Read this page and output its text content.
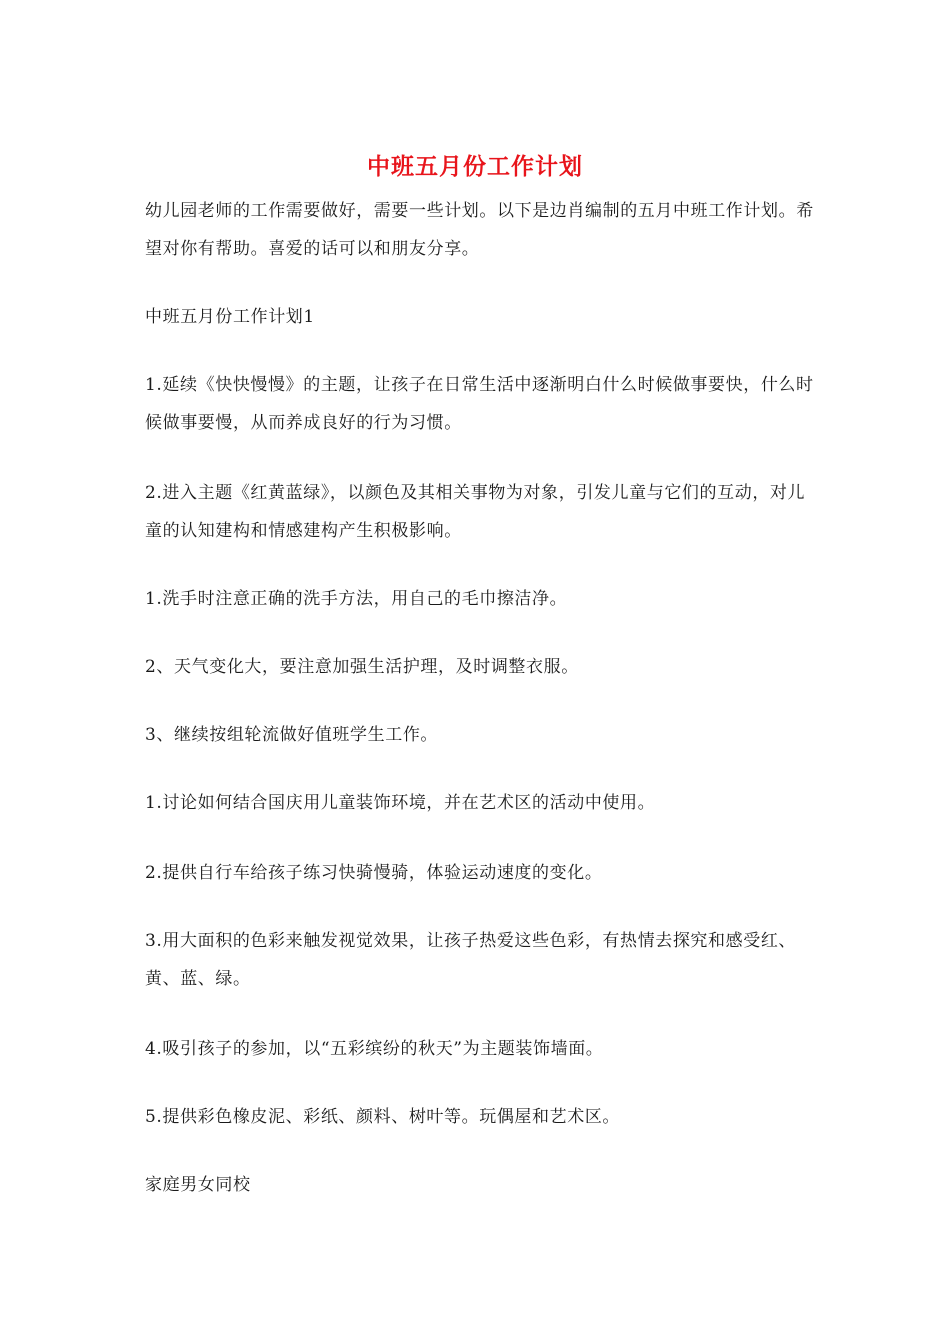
中班五月份工作计划

幼儿园老师的工作需要做好，需要一些计划。以下是边肖编制的五月中班工作计划。希望对你有帮助。喜爱的话可以和朋友分享。

中班五月份工作计划1

1.延续《快快慢慢》的主题，让孩子在日常生活中逐渐明白什么时候做事要快，什么时候做事要慢，从而养成良好的行为习惯。

2.进入主题《红黄蓝绿》，以颜色及其相关事物为对象，引发儿童与它们的互动，对儿童的认知建构和情感建构产生积极影响。

1.洗手时注意正确的洗手方法，用自己的毛巾擦洁净。

2、天气变化大，要注意加强生活护理，及时调整衣服。

3、继续按组轮流做好值班学生工作。

1.讨论如何结合国庆用儿童装饰环境，并在艺术区的活动中使用。

2.提供自行车给孩子练习快骑慢骑，体验运动速度的变化。

3.用大面积的色彩来触发视觉效果，让孩子热爱这些色彩，有热情去探究和感受红、黄、蓝、绿。

4.吸引孩子的参加，以“五彩缤纷的秋天”为主题装饰墙面。

5.提供彩色橡皮泥、彩纸、颜料、树叶等。玩偶屋和艺术区。

家庭男女同校
